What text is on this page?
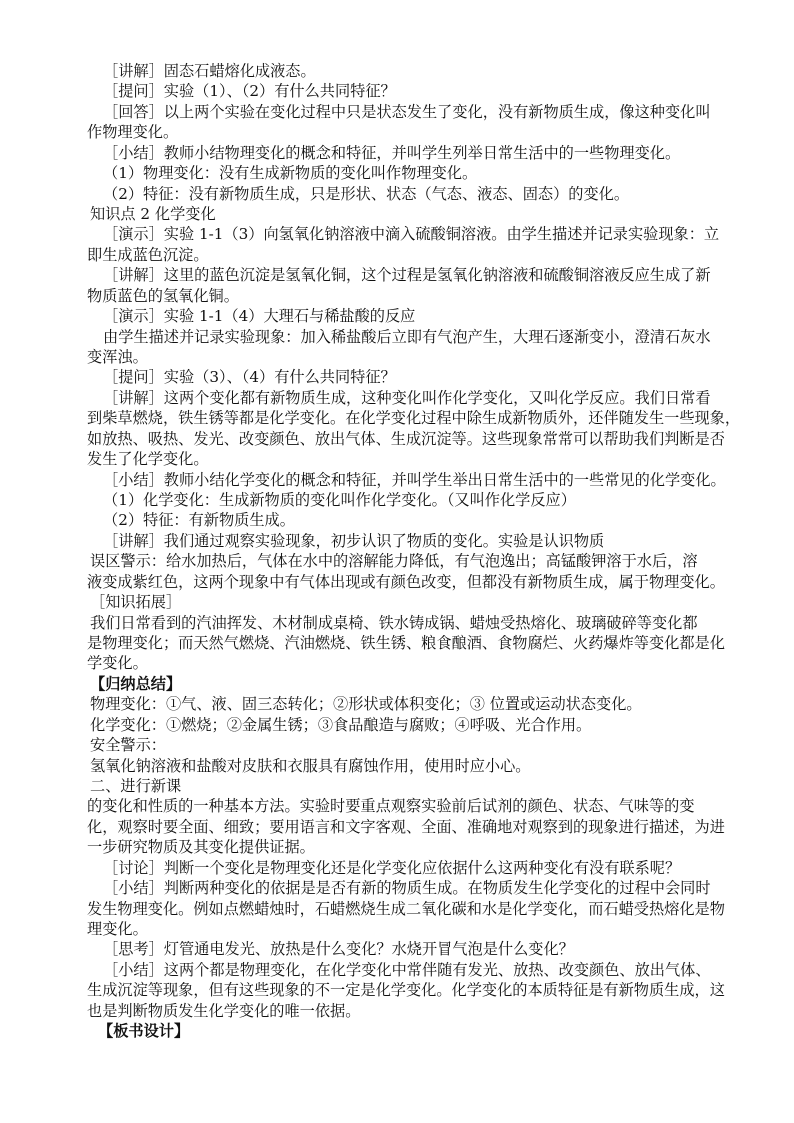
［讲解］固态石蜡熔化成液态。
［提问］实验（1）、（2）有什么共同特征？
［回答］以上两个实验在变化过程中只是状态发生了变化，没有新物质生成，像这种变化叫
作物理变化。
［小结］教师小结物理变化的概念和特征，并叫学生列举日常生活中的一些物理变化。
（1）物理变化：没有生成新物质的变化叫作物理变化。
（2）特征：没有新物质生成，只是形状、状态（气态、液态、固态）的变化。
知识点 2 化学变化
［演示］实验 1-1（3）向氢氧化钠溶液中滴入硫酸铜溶液。由学生描述并记录实验现象：立
即生成蓝色沉淀。
［讲解］这里的蓝色沉淀是氢氧化铜，这个过程是氢氧化钠溶液和硫酸铜溶液反应生成了新
物质蓝色的氢氧化铜。
［演示］实验 1-1（4）大理石与稀盐酸的反应
由学生描述并记录实验现象：加入稀盐酸后立即有气泡产生，大理石逐渐变小，澄清石灰水
变浑浊。
［提问］实验（3）、（4）有什么共同特征？
［讲解］这两个变化都有新物质生成，这种变化叫作化学变化，又叫化学反应。我们日常看
到柴草燃烧，铁生锈等都是化学变化。在化学变化过程中除生成新物质外，还伴随发生一些现象，
如放热、吸热、发光、改变颜色、放出气体、生成沉淀等。这些现象常常可以帮助我们判断是否
发生了化学变化。
［小结］教师小结化学变化的概念和特征，并叫学生举出日常生活中的一些常见的化学变化。
（1）化学变化：生成新物质的变化叫作化学变化。（又叫作化学反应）
（2）特征：有新物质生成。
［讲解］我们通过观察实验现象，初步认识了物质的变化。实验是认识物质
误区警示：给水加热后，气体在水中的溶解能力降低，有气泡逸出；高锰酸钾溶于水后，溶
液变成紫红色，这两个现象中有气体出现或有颜色改变，但都没有新物质生成，属于物理变化。
［知识拓展］
我们日常看到的汽油挥发、木材制成桌椅、铁水铸成锅、蜡烛受热熔化、玻璃破碎等变化都
是物理变化；而天然气燃烧、汽油燃烧、铁生锈、粮食酿酒、食物腐烂、火药爆炸等变化都是化
学变化。
【归纳总结】
物理变化：①气、液、固三态转化；②形状或体积变化；③ 位置或运动状态变化。
化学变化：①燃烧；②金属生锈；③食品酿造与腐败；④呼吸、光合作用。
安全警示：
氢氧化钠溶液和盐酸对皮肤和衣服具有腐蚀作用，使用时应小心。
二、进行新课
的变化和性质的一种基本方法。实验时要重点观察实验前后试剂的颜色、状态、气味等的变
化，观察时要全面、细致；要用语言和文字客观、全面、准确地对观察到的现象进行描述，为进
一步研究物质及其变化提供证据。
［讨论］判断一个变化是物理变化还是化学变化应依据什么这两种变化有没有联系呢？
［小结］判断两种变化的依据是是否有新的物质生成。在物质发生化学变化的过程中会同时
发生物理变化。例如点燃蜡烛时，石蜡燃烧生成二氧化碳和水是化学变化，而石蜡受热熔化是物
理变化。
［思考］灯管通电发光、放热是什么变化？水烧开冒气泡是什么变化？
［小结］这两个都是物理变化，在化学变化中常伴随有发光、放热、改变颜色、放出气体、
生成沉淀等现象，但有这些现象的不一定是化学变化。化学变化的本质特征是有新物质生成，这
也是判断物质发生化学变化的唯一依据。
【板书设计】
